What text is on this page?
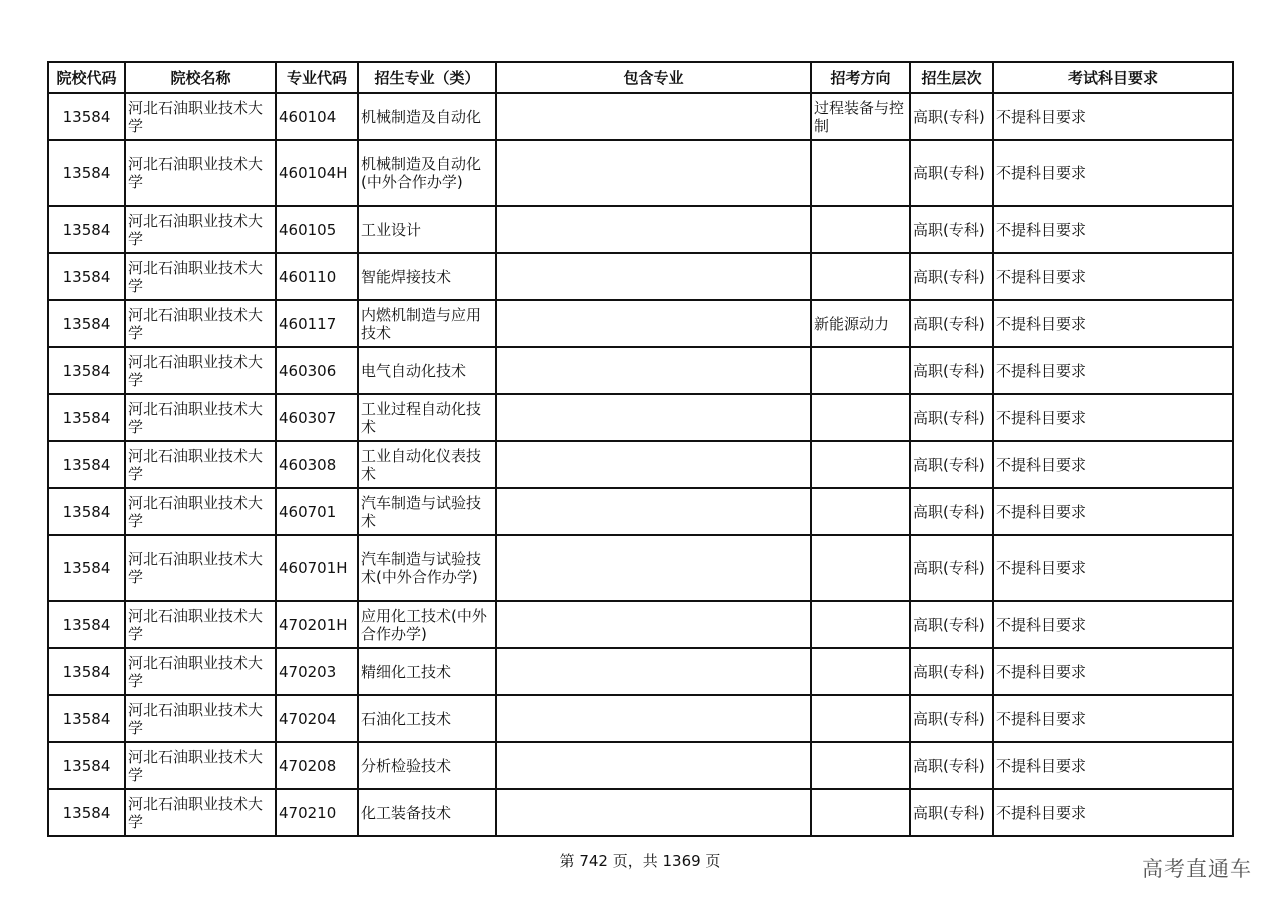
院校代码	院校名称	专业代码	招生专业（类）	包含专业	招考方向	招生层次	考试科目要求
13584	河北石油职业技术大学	460104	机械制造及自动化		过程装备与控制	高职(专科)	不提科目要求
13584	河北石油职业技术大学	460104H	机械制造及自动化(中外合作办学)			高职(专科)	不提科目要求
13584	河北石油职业技术大学	460105	工业设计			高职(专科)	不提科目要求
13584	河北石油职业技术大学	460110	智能焊接技术			高职(专科)	不提科目要求
13584	河北石油职业技术大学	460117	内燃机制造与应用技术		新能源动力	高职(专科)	不提科目要求
13584	河北石油职业技术大学	460306	电气自动化技术			高职(专科)	不提科目要求
13584	河北石油职业技术大学	460307	工业过程自动化技术			高职(专科)	不提科目要求
13584	河北石油职业技术大学	460308	工业自动化仪表技术			高职(专科)	不提科目要求
13584	河北石油职业技术大学	460701	汽车制造与试验技术			高职(专科)	不提科目要求
13584	河北石油职业技术大学	460701H	汽车制造与试验技术(中外合作办学)			高职(专科)	不提科目要求
13584	河北石油职业技术大学	470201H	应用化工技术(中外合作办学)			高职(专科)	不提科目要求
13584	河北石油职业技术大学	470203	精细化工技术			高职(专科)	不提科目要求
13584	河北石油职业技术大学	470204	石油化工技术			高职(专科)	不提科目要求
13584	河北石油职业技术大学	470208	分析检验技术			高职(专科)	不提科目要求
13584	河北石油职业技术大学	470210	化工装备技术			高职(专科)	不提科目要求
第 742 页，共 1369 页	高考直通车
